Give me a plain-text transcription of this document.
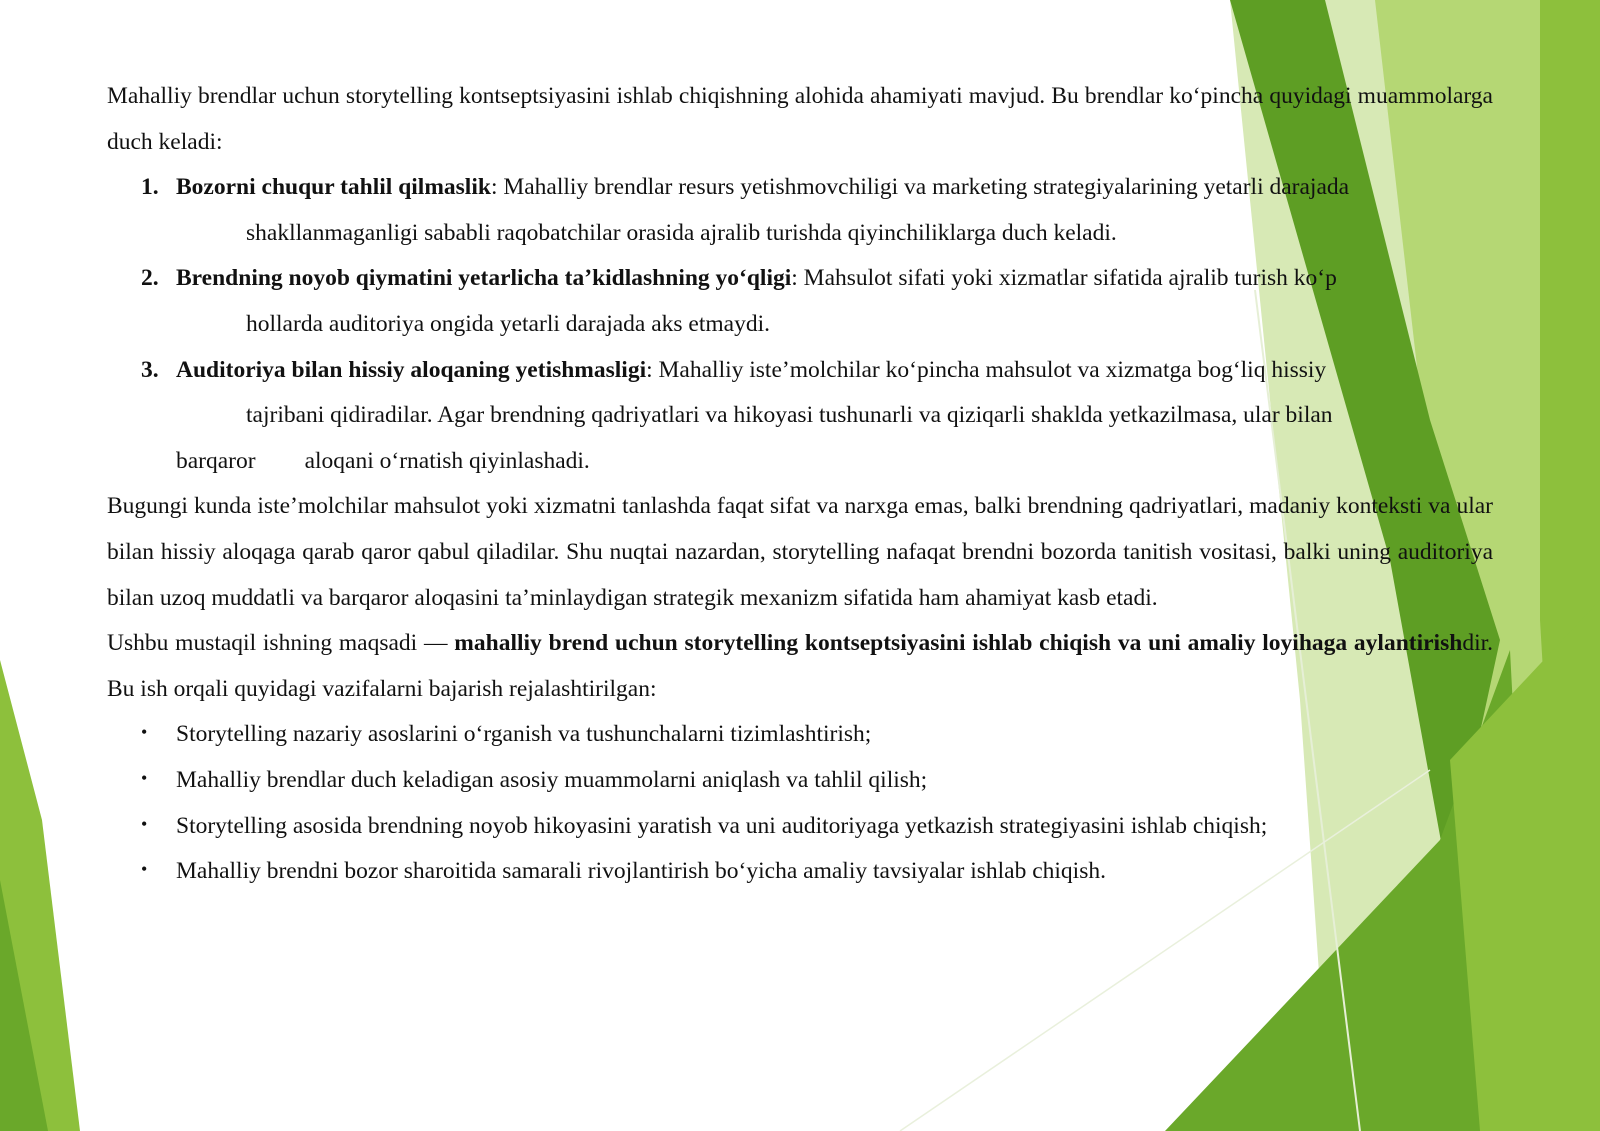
Mahalliy brendlar uchun storytelling kontseptsiyasini ishlab chiqishning alohida ahamiyati mavjud. Bu brendlar ko‘pincha quyidagi muammolarga duch keladi:

1. Bozorni chuqur tahlil qilmaslik: Mahalliy brendlar resurs yetishmovchiligi va marketing strategiyalarining yetarli darajada
shakllanmaganligi sababli raqobatchilar orasida ajralib turishda qiyinchiliklarga duch keladi.
2. Brendning noyob qiymatini yetarlicha ta’kidlashning yo‘qligi: Mahsulot sifati yoki xizmatlar sifatida ajralib turish ko‘p
hollarda auditoriya ongida yetarli darajada aks etmaydi.
3. Auditoriya bilan hissiy aloqaning yetishmasligi: Mahalliy iste’molchilar ko‘pincha mahsulot va xizmatga bog‘liq hissiy
tajribani qidiradilar. Agar brendning qadriyatlari va hikoyasi tushunarli va qiziqarli shaklda yetkazilmasa, ular bilan
barqaror aloqani o‘rnatish qiyinlashadi.

Bugungi kunda iste’molchilar mahsulot yoki xizmatni tanlashda faqat sifat va narxga emas, balki brendning qadriyatlari, madaniy konteksti va ular bilan hissiy aloqaga qarab qaror qabul qiladilar. Shu nuqtai nazardan, storytelling nafaqat brendni bozorda tanitish vositasi, balki uning auditoriya bilan uzoq muddatli va barqaror aloqasini ta’minlaydigan strategik mexanizm sifatida ham ahamiyat kasb etadi.

Ushbu mustaqil ishning maqsadi — mahalliy brend uchun storytelling kontseptsiyasini ishlab chiqish va uni amaliy loyihaga aylantirishdir. Bu ish orqali quyidagi vazifalarni bajarish rejalashtirilgan:

• Storytelling nazariy asoslarini o‘rganish va tushunchalarni tizimlashtirish;
• Mahalliy brendlar duch keladigan asosiy muammolarni aniqlash va tahlil qilish;
• Storytelling asosida brendning noyob hikoyasini yaratish va uni auditoriyaga yetkazish strategiyasini ishlab chiqish;
• Mahalliy brendni bozor sharoitida samarali rivojlantirish bo‘yicha amaliy tavsiyalar ishlab chiqish.
